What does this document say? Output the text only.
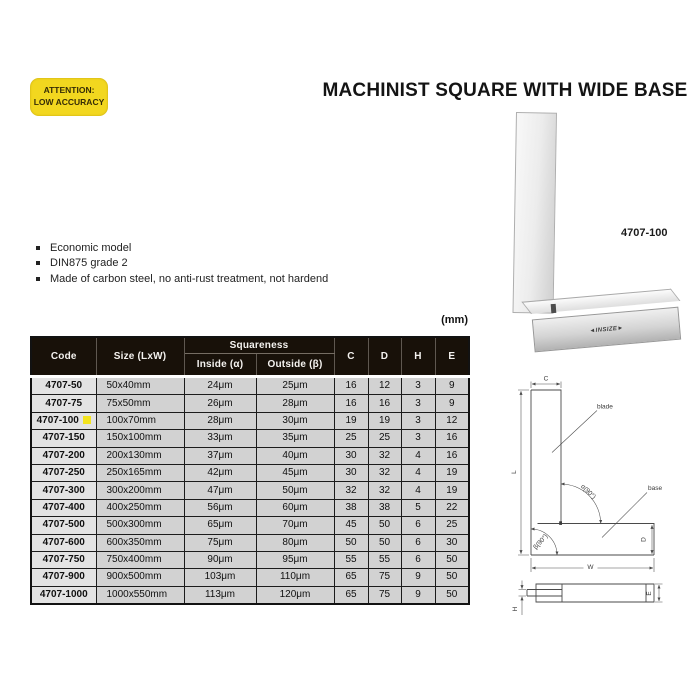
ATTENTION:
LOW ACCURACY
MACHINIST SQUARE WITH WIDE BASE
◄INSIZE►
4707-100
Economic model
DIN875 grade 2
Made of carbon steel, no anti-rust treatment, not hardend
(mm)
Code	Size (LxW)	Squareness		C	D	H	E
		Inside (α)	Outside (β)				
4707-50	50x40mm	24μm	25μm	16	12	3	9
4707-75	75x50mm	26μm	28μm	16	16	3	9
4707-100	100x70mm	28μm	30μm	19	19	3	12
4707-150	150x100mm	33μm	35μm	25	25	3	16
4707-200	200x130mm	37μm	40μm	30	32	4	16
4707-250	250x165mm	42μm	45μm	30	32	4	19
4707-300	300x200mm	47μm	50μm	32	32	4	19
4707-400	400x250mm	56μm	60μm	38	38	5	22
4707-500	500x300mm	65μm	70μm	45	50	6	25
4707-600	600x350mm	75μm	80μm	50	50	6	30
4707-750	750x400mm	90μm	95μm	55	55	6	50
4707-900	900x500mm	103μm	110μm	65	75	9	50
4707-1000	1000x550mm	113μm	120μm	65	75	9	50
C
L
W
D
H
E
blade
base
α(90°)
β(90°)
